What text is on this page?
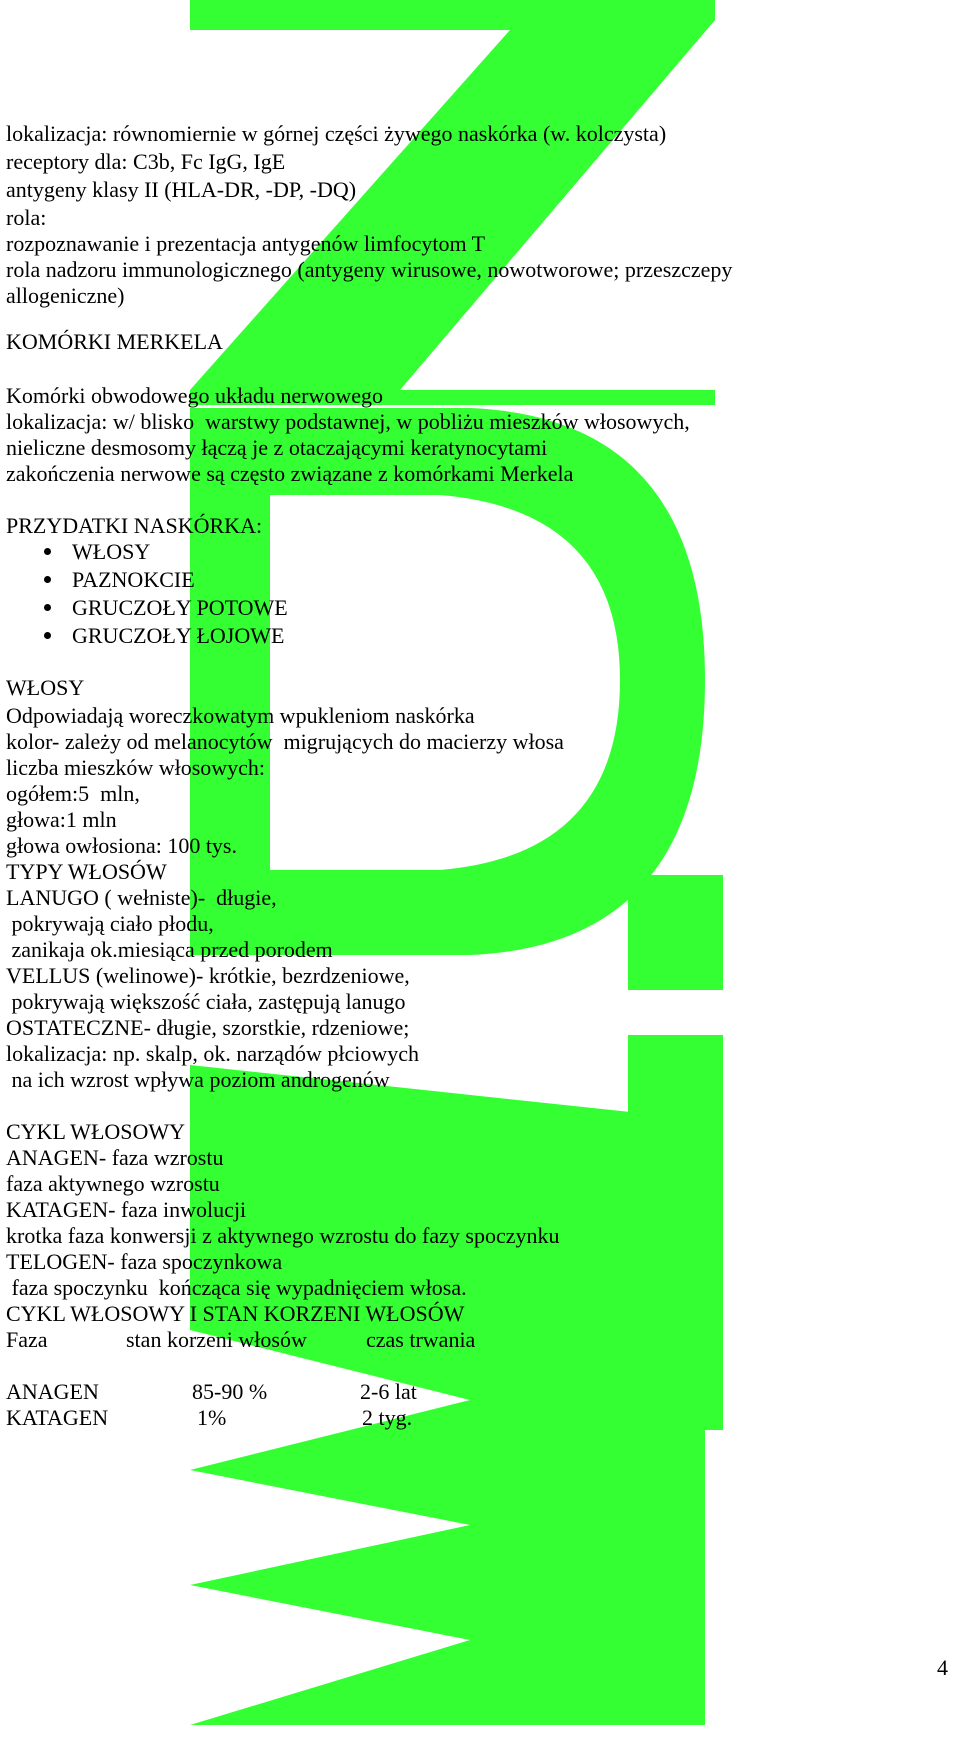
lokalizacja: równomiernie w górnej części żywego naskórka (w. kolczysta)

receptory dla: C3b, Fc IgG, IgE

antygeny klasy II (HLA-DR, -DP, -DQ)

rola:

rozpoznawanie i prezentacja antygenów limfocytom T

rola nadzoru immunologicznego (antygeny wirusowe, nowotworowe; przeszczepy

allogeniczne)

KOMÓRKI MERKELA

Komórki obwodowego układu nerwowego

lokalizacja: w/ blisko  warstwy podstawnej, w pobliżu mieszków włosowych,

nieliczne desmosomy łączą je z otaczającymi keratynocytami

zakończenia nerwowe są często związane z komórkami Merkela

PRZYDATKI NASKÓRKA:

WŁOSY

PAZNOKCIE

GRUCZOŁY POTOWE

GRUCZOŁY ŁOJOWE

WŁOSY

Odpowiadają woreczkowatym wpukleniom naskórka

kolor- zależy od melanocytów  migrujących do macierzy włosa

liczba mieszków włosowych:

ogółem:5  mln,

głowa:1 mln

głowa owłosiona: 100 tys.

TYPY WŁOSÓW

LANUGO ( wełniste)-  długie,

pokrywają ciało płodu,

zanikaja ok.miesiąca przed porodem

VELLUS (welinowe)- krótkie, bezrdzeniowe,

pokrywają większość ciała, zastępują lanugo

OSTATECZNE- długie, szorstkie, rdzeniowe;

lokalizacja: np. skalp, ok. narządów płciowych

na ich wzrost wpływa poziom androgenów

CYKL WŁOSOWY

ANAGEN- faza wzrostu

faza aktywnego wzrostu

KATAGEN- faza inwolucji

krotka faza konwersji z aktywnego wzrostu do fazy spoczynku

TELOGEN- faza spoczynkowa

faza spoczynku  kończąca się wypadnięciem włosa.

CYKL WŁOSOWY I STAN KORZENI WŁOSÓW

Faza	stan korzeni włosów	czas trwania

ANAGEN	85-90 %	2-6 lat

KATAGEN	1%	2 tyg.

4
